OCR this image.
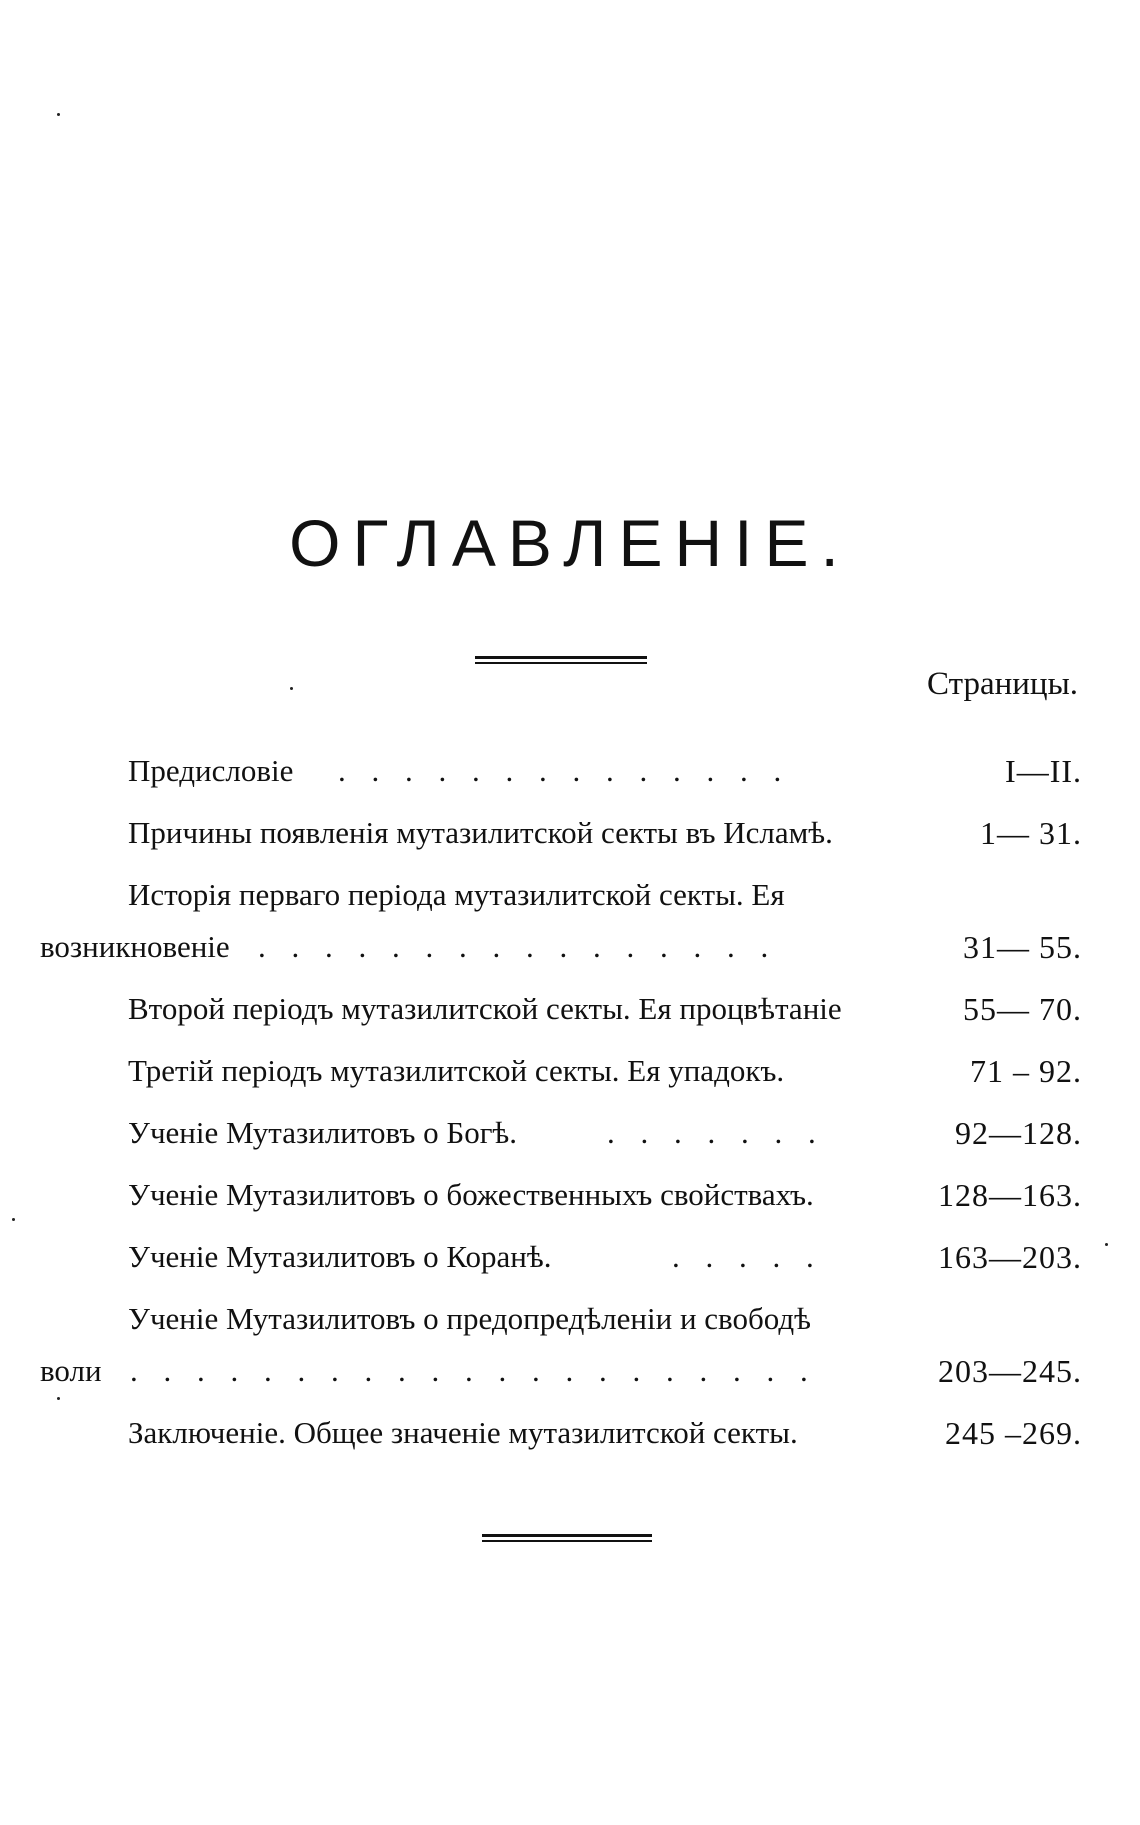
ОГЛАВЛЕНІЕ.
Страницы.
Предисловіе . . . . . . . . . . . . . .	I—II.
Причины появленія мутазилитской секты въ Исламѣ.	1— 31.
Исторія перваго періода мутазилитской секты. Ея
возникновеніе . . . . . . . . . . . . . . . .	31— 55.
Второй періодъ мутазилитской секты. Ея процвѣтаніе	55— 70.
Третій періодъ мутазилитской секты. Ея упадокъ.	71 – 92.
Ученіе Мутазилитовъ о Богѣ.	. . . . . . .	92—128.
Ученіе Мутазилитовъ о божественныхъ свойствахъ.	128—163.
Ученіе Мутазилитовъ о Коранѣ.	. . . . .	163—203.
Ученіе Мутазилитовъ о предопредѣленіи и свободѣ
воли . . . . . . . . . . . . . . . . . . . . .	203—245.
Заключеніе. Общее значеніе мутазилитской секты.	245 –269.
